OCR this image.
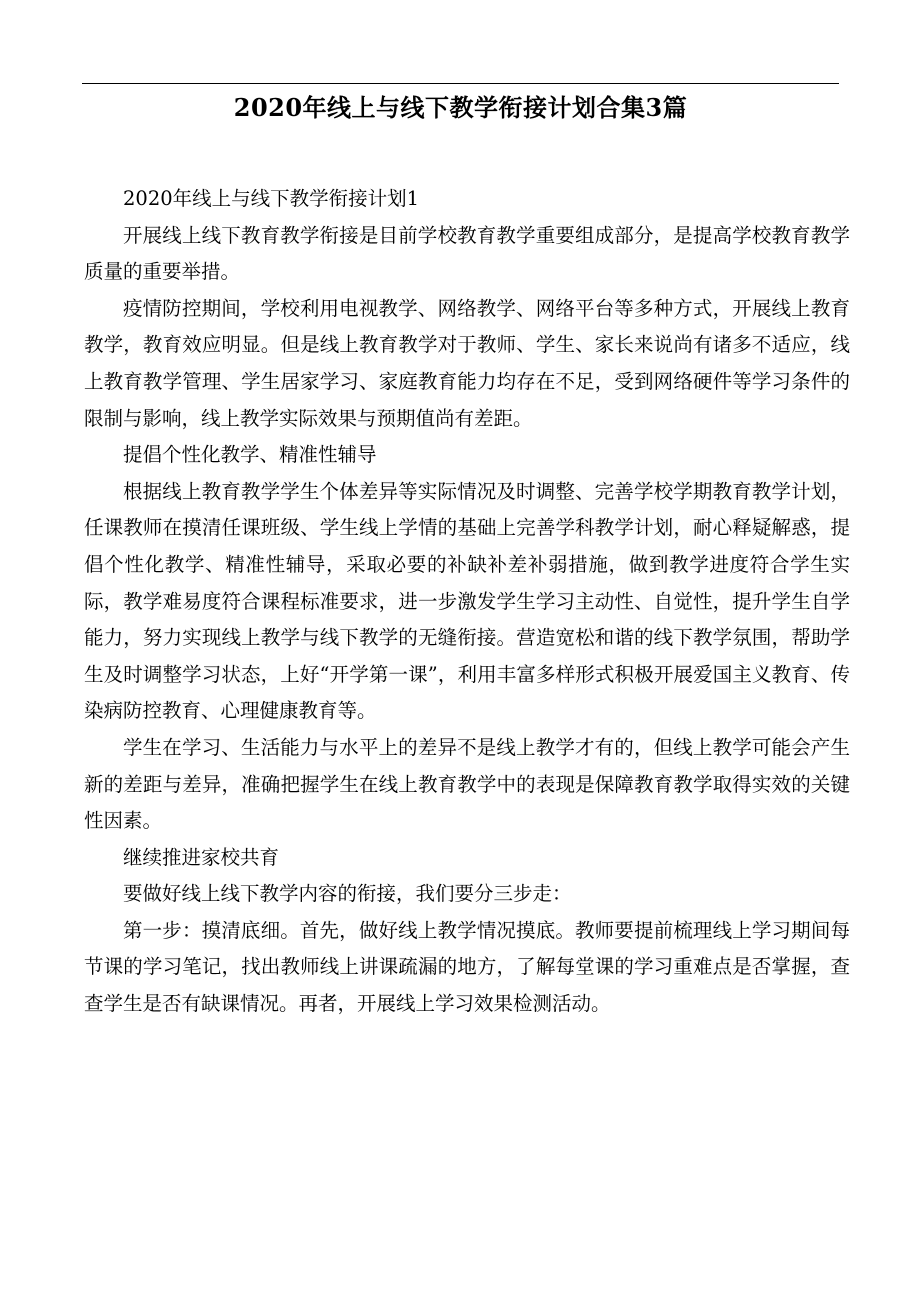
2020年线上与线下教学衔接计划合集3篇

2020年线上与线下教学衔接计划1

开展线上线下教育教学衔接是目前学校教育教学重要组成部分，是提高学校教育教学质量的重要举措。

疫情防控期间，学校利用电视教学、网络教学、网络平台等多种方式，开展线上教育教学，教育效应明显。但是线上教育教学对于教师、学生、家长来说尚有诸多不适应，线上教育教学管理、学生居家学习、家庭教育能力均存在不足，受到网络硬件等学习条件的限制与影响，线上教学实际效果与预期值尚有差距。

提倡个性化教学、精准性辅导

根据线上教育教学学生个体差异等实际情况及时调整、完善学校学期教育教学计划，任课教师在摸清任课班级、学生线上学情的基础上完善学科教学计划，耐心释疑解惑，提倡个性化教学、精准性辅导，采取必要的补缺补差补弱措施，做到教学进度符合学生实际，教学难易度符合课程标准要求，进一步激发学生学习主动性、自觉性，提升学生自学能力，努力实现线上教学与线下教学的无缝衔接。营造宽松和谐的线下教学氛围，帮助学生及时调整学习状态，上好“开学第一课”，利用丰富多样形式积极开展爱国主义教育、传染病防控教育、心理健康教育等。

学生在学习、生活能力与水平上的差异不是线上教学才有的，但线上教学可能会产生新的差距与差异，准确把握学生在线上教育教学中的表现是保障教育教学取得实效的关键性因素。

继续推进家校共育

要做好线上线下教学内容的衔接，我们要分三步走：

第一步：摸清底细。首先，做好线上教学情况摸底。教师要提前梳理线上学习期间每节课的学习笔记，找出教师线上讲课疏漏的地方，了解每堂课的学习重难点是否掌握，查查学生是否有缺课情况。再者，开展线上学习效果检测活动。
